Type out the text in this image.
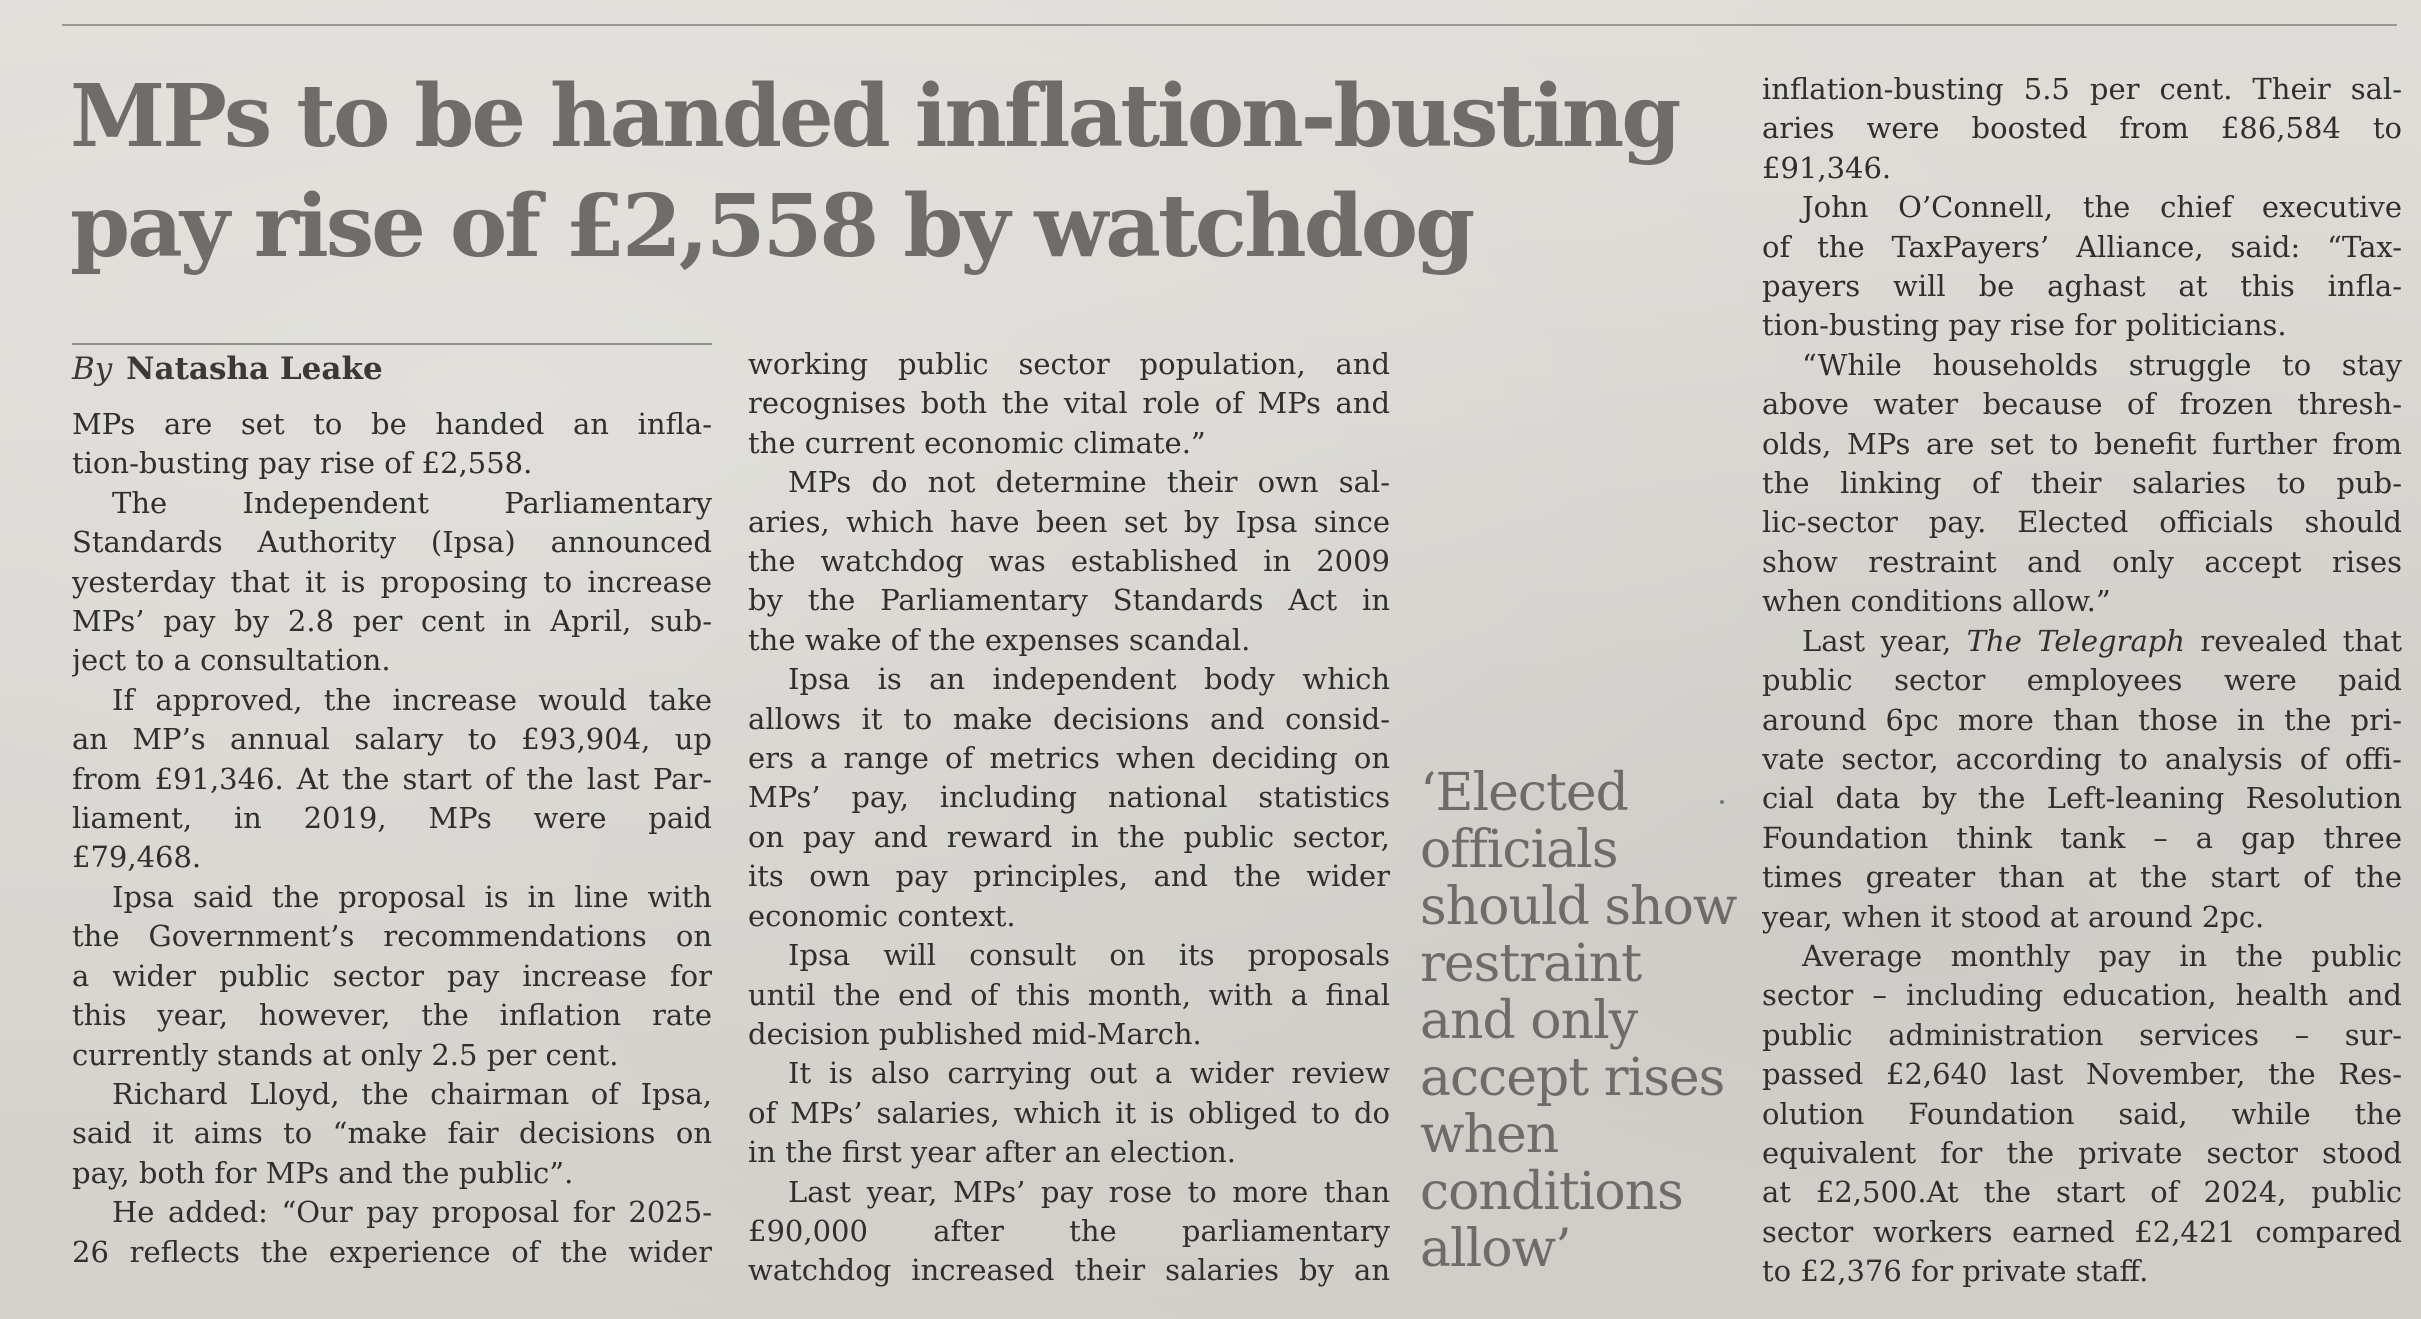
MPs to be handed inflation-busting
pay rise of £2,558 by watchdog
By Natasha Leake
MPs are set to be handed an infla-
tion-busting pay rise of £2,558.
The Independent Parliamentary
Standards Authority (Ipsa) announced
yesterday that it is proposing to increase
MPs’ pay by 2.8 per cent in April, sub-
ject to a consultation.
If approved, the increase would take
an MP’s annual salary to £93,904, up
from £91,346. At the start of the last Par-
liament, in 2019, MPs were paid
£79,468.
Ipsa said the proposal is in line with
the Government’s recommendations on
a wider public sector pay increase for
this year, however, the inflation rate
currently stands at only 2.5 per cent.
Richard Lloyd, the chairman of Ipsa,
said it aims to “make fair decisions on
pay, both for MPs and the public”.
He added: “Our pay proposal for 2025-
26 reflects the experience of the wider
working public sector population, and
recognises both the vital role of MPs and
the current economic climate.”
MPs do not determine their own sal-
aries, which have been set by Ipsa since
the watchdog was established in 2009
by the Parliamentary Standards Act in
the wake of the expenses scandal.
Ipsa is an independent body which
allows it to make decisions and consid-
ers a range of metrics when deciding on
MPs’ pay, including national statistics
on pay and reward in the public sector,
its own pay principles, and the wider
economic context.
Ipsa will consult on its proposals
until the end of this month, with a final
decision published mid-March.
It is also carrying out a wider review
of MPs’ salaries, which it is obliged to do
in the first year after an election.
Last year, MPs’ pay rose to more than
£90,000 after the parliamentary
watchdog increased their salaries by an
‘Elected
officials
should show
restraint
and only
accept rises
when
conditions
allow’
inflation-busting 5.5 per cent. Their sal-
aries were boosted from £86,584 to
£91,346.
John O’Connell, the chief executive
of the TaxPayers’ Alliance, said: “Tax-
payers will be aghast at this infla-
tion-busting pay rise for politicians.
“While households struggle to stay
above water because of frozen thresh-
olds, MPs are set to benefit further from
the linking of their salaries to pub-
lic-sector pay. Elected officials should
show restraint and only accept rises
when conditions allow.”
Last year, The Telegraph revealed that
public sector employees were paid
around 6pc more than those in the pri-
vate sector, according to analysis of offi-
cial data by the Left-leaning Resolution
Foundation think tank – a gap three
times greater than at the start of the
year, when it stood at around 2pc.
Average monthly pay in the public
sector – including education, health and
public administration services – sur-
passed £2,640 last November, the Res-
olution Foundation said, while the
equivalent for the private sector stood
at £2,500.At the start of 2024, public
sector workers earned £2,421 compared
to £2,376 for private staff.
